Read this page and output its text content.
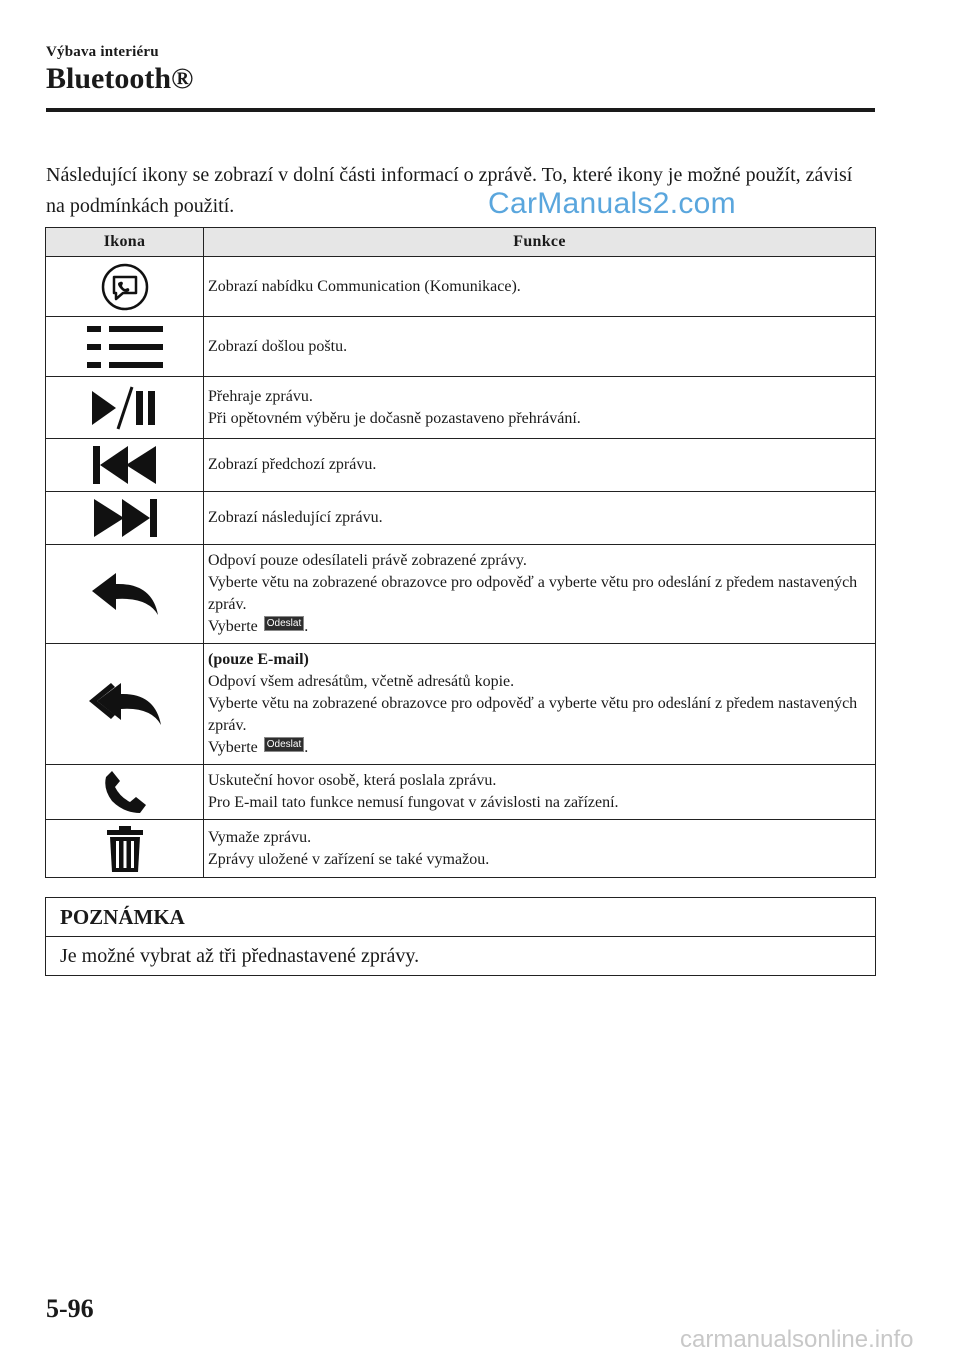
Výbava interiéru
Bluetooth®
Následující ikony se zobrazí v dolní části informací o zprávě. To, které ikony je možné použít, závisí na podmínkách použití.	CarManuals2.com
Ikona	Funkce

Zobrazí nabídku Communication (Komunikace).

Zobrazí došlou poštu.

Přehraje zprávu.
Při opětovném výběru je dočasně pozastaveno přehrávání.

Zobrazí předchozí zprávu.

Zobrazí následující zprávu.

Odpoví pouze odesílateli právě zobrazené zprávy.
Vyberte větu na zobrazené obrazovce pro odpověď a vyberte větu pro odeslání z předem nastavených zpráv.
Vyberte Odeslat .

(pouze E-mail)
Odpoví všem adresátům, včetně adresátů kopie.
Vyberte větu na zobrazené obrazovce pro odpověď a vyberte větu pro odeslání z předem nastavených zpráv.
Vyberte Odeslat .

Uskuteční hovor osobě, která poslala zprávu.
Pro E-mail tato funkce nemusí fungovat v závislosti na zařízení.

Vymaže zprávu.
Zprávy uložené v zařízení se také vymažou.
POZNÁMKA
Je možné vybrat až tři přednastavené zprávy.
5-96
carmanualsonline.info
